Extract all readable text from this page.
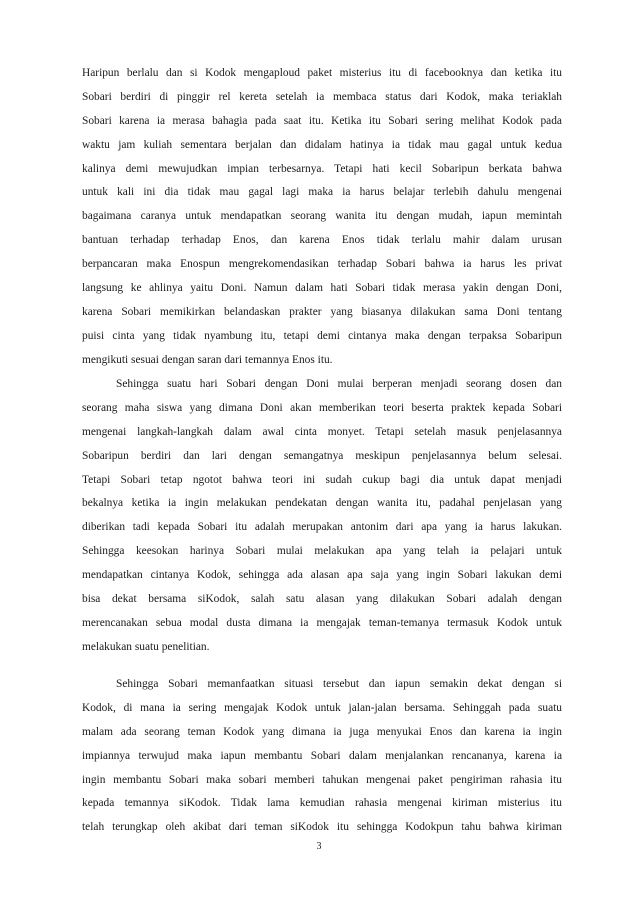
Haripun berlalu dan si Kodok mengaploud paket misterius itu di facebooknya dan ketika itu
Sobari berdiri di pinggir rel kereta setelah ia membaca status dari Kodok, maka teriaklah
Sobari karena ia merasa bahagia pada saat itu. Ketika itu Sobari sering melihat Kodok pada
waktu jam kuliah sementara berjalan dan didalam hatinya ia tidak mau gagal untuk kedua
kalinya demi mewujudkan impian terbesarnya. Tetapi hati kecil Sobaripun berkata bahwa
untuk kali ini dia tidak mau gagal lagi maka ia harus belajar terlebih dahulu mengenai
bagaimana caranya untuk mendapatkan seorang wanita itu dengan mudah, iapun memintah
bantuan terhadap terhadap Enos, dan karena Enos tidak terlalu mahir dalam urusan
berpancaran maka Enospun mengrekomendasikan terhadap Sobari bahwa ia harus les privat
langsung ke ahlinya yaitu Doni. Namun dalam hati Sobari tidak merasa yakin dengan Doni,
karena Sobari memikirkan belandaskan prakter yang biasanya dilakukan sama Doni tentang
puisi cinta yang tidak nyambung itu, tetapi demi cintanya maka dengan terpaksa Sobaripun
mengikuti sesuai dengan saran dari temannya Enos itu.
Sehingga suatu hari Sobari dengan Doni mulai berperan menjadi seorang dosen dan
seorang maha siswa yang dimana Doni akan memberikan teori beserta praktek kepada Sobari
mengenai langkah-langkah dalam awal cinta monyet. Tetapi setelah masuk penjelasannya
Sobaripun berdiri dan lari dengan semangatnya meskipun penjelasannya belum selesai.
Tetapi Sobari tetap ngotot bahwa teori ini sudah cukup bagi dia untuk dapat menjadi
bekalnya ketika ia ingin melakukan pendekatan dengan wanita itu, padahal penjelasan yang
diberikan tadi kepada Sobari itu adalah merupakan antonim dari apa yang ia harus lakukan.
Sehingga keesokan harinya Sobari mulai melakukan apa yang telah ia pelajari untuk
mendapatkan cintanya Kodok, sehingga ada alasan apa saja yang ingin Sobari lakukan demi
bisa dekat bersama siKodok, salah satu alasan yang dilakukan Sobari adalah dengan
merencanakan sebua modal dusta dimana ia mengajak teman-temanya termasuk Kodok untuk
melakukan suatu penelitian.
Sehingga Sobari memanfaatkan situasi tersebut dan iapun semakin dekat dengan si
Kodok, di mana ia sering mengajak Kodok untuk jalan-jalan bersama. Sehinggah pada suatu
malam ada seorang teman Kodok yang dimana ia juga menyukai Enos dan karena ia ingin
impiannya terwujud maka iapun membantu Sobari dalam menjalankan rencananya, karena ia
ingin membantu Sobari maka sobari memberi tahukan mengenai paket pengiriman rahasia itu
kepada temannya siKodok. Tidak lama kemudian rahasia mengenai kiriman misterius itu
telah terungkap oleh akibat dari teman siKodok itu sehingga Kodokpun tahu bahwa kiriman
3
